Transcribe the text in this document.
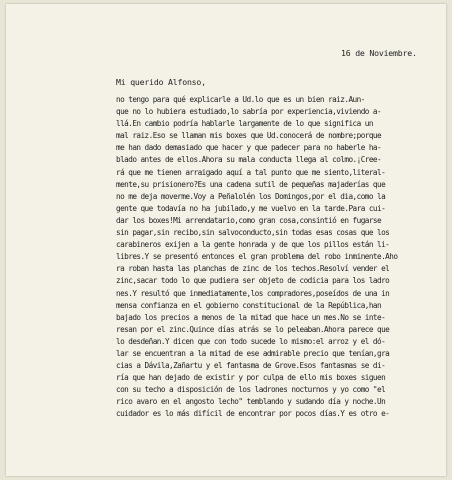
16 de Noviembre.
Mi querido Alfonso,
no tengo para qué explicarle a Ud.lo que es un bien raiz.Aun-
que no lo hubiera estudiado,lo sabría por experiencia,viviendo a-
llá.En cambio podría hablarle largamente de lo que significa un
mal raiz.Eso se llaman mis boxes que Ud.conocerá de nombre;porque
me han dado demasiado que hacer y que padecer para no haberle ha-
blado antes de ellos.Ahora su mala conducta llega al colmo.¡Cree-
rá que me tienen arraigado aquí a tal punto que me siento,literal-
mente,su prisionero?Es una cadena sutil de pequeñas majaderías que
no me deja moverme.Voy a Peñalolén los Domingos,por el dia,como la
gente que todavía no ha jubilado,y me vuelvo en la tarde.Para cui-
dar los boxes!Mi arrendatario,como gran cosa,consintió en fugarse
sin pagar,sin recibo,sin salvoconducto,sin todas esas cosas que los
carabineros exijen a la gente honrada y de que los pillos están li-
libres.Y se presentó entonces el gran problema del robo inminente.Aho
ra roban hasta las planchas de zinc de los techos.Resolví vender el
zinc,sacar todo lo que pudiera ser objeto de codicia para los ladro
nes.Y resultó que inmediatamente,los compradores,poseídos de una in
mensa confianza en el gobierno constitucional de la República,han
bajado los precios a menos de la mitad que hace un mes.No se inte-
resan por el zinc.Quince días atrás se lo peleaban.Ahora parece que
lo desdeñan.Y dicen que con todo sucede lo mismo:el arroz y el dó-
lar se encuentran a la mitad de ese admirable precio que tenían,gra
cias a Dávila,Zañartu y el fantasma de Grove.Esos fantasmas se di-
ría que han dejado de existir y por culpa de ello mis boxes siguen
con su techo a disposición de los ladrones nocturnos y yo como "el
rico avaro en el angosto lecho" temblando y sudando día y noche.Un
cuidador es lo más difícil de encontrar por pocos días.Y es otro e-
